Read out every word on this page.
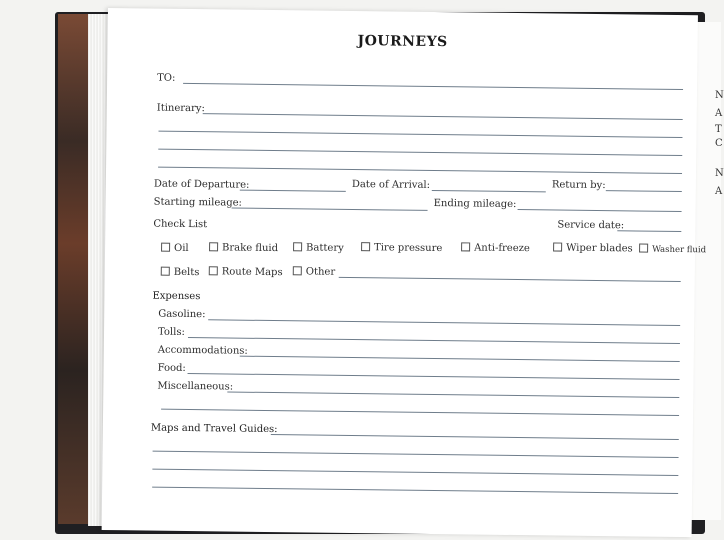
N
A
T
C
N
A
JOURNEYS
TO:
Itinerary:
Date of Departure:	Date of Arrival:	Return by:
Starting mileage:	Ending mileage:
Check List	Service date:
Oil	Brake fluid	Battery	Tire pressure	Anti-freeze	Wiper blades	Washer fluid
Belts	Route Maps	Other
Expenses
Gasoline:
Tolls:
Accommodations:
Food:
Miscellaneous:
Maps and Travel Guides:
